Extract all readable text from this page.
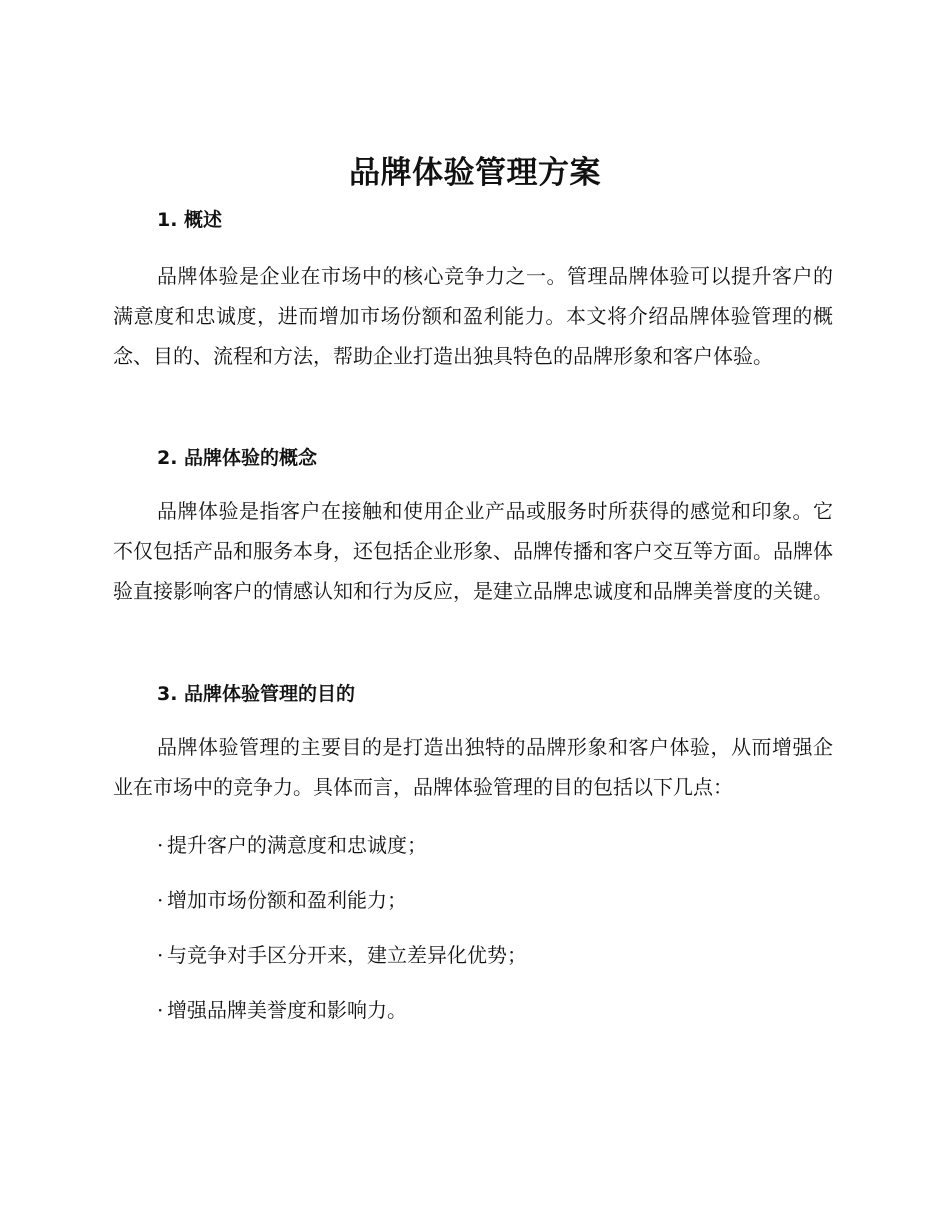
品牌体验管理方案
1. 概述

品牌体验是企业在市场中的核心竞争力之一。管理品牌体验可以提升客户的满意度和忠诚度，进而增加市场份额和盈利能力。本文将介绍品牌体验管理的概念、目的、流程和方法，帮助企业打造出独具特色的品牌形象和客户体验。

2. 品牌体验的概念

品牌体验是指客户在接触和使用企业产品或服务时所获得的感觉和印象。它不仅包括产品和服务本身，还包括企业形象、品牌传播和客户交互等方面。品牌体验直接影响客户的情感认知和行为反应，是建立品牌忠诚度和品牌美誉度的关键。

3. 品牌体验管理的目的

品牌体验管理的主要目的是打造出独特的品牌形象和客户体验，从而增强企业在市场中的竞争力。具体而言，品牌体验管理的目的包括以下几点：

· 提升客户的满意度和忠诚度；

· 增加市场份额和盈利能力；

· 与竞争对手区分开来，建立差异化优势；

· 增强品牌美誉度和影响力。
